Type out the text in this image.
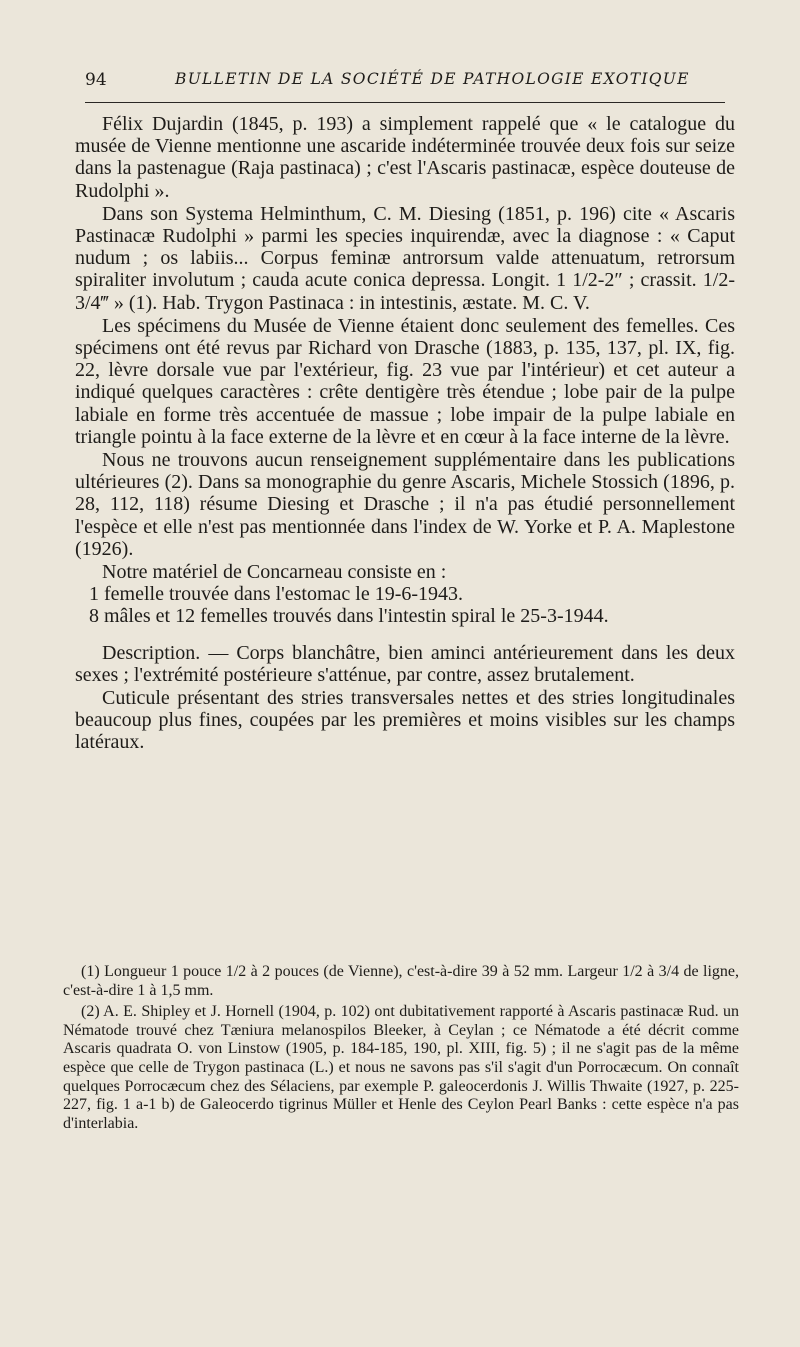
94	BULLETIN DE LA SOCIÉTÉ DE PATHOLOGIE EXOTIQUE

Félix Dujardin (1845, p. 193) a simplement rappelé que « le catalogue du musée de Vienne mentionne une ascaride indéterminée trouvée deux fois sur seize dans la pastenague (Raja pastinaca) ; c'est l'Ascaris pastinacæ, espèce douteuse de Rudolphi ».

Dans son Systema Helminthum, C. M. Diesing (1851, p. 196) cite « Ascaris Pastinacæ Rudolphi » parmi les species inquirendæ, avec la diagnose : « Caput nudum ; os labiis... Corpus feminæ antrorsum valde attenuatum, retrorsum spiraliter involutum ; cauda acute conica depressa. Longit. 1 1/2-2″ ; crassit. 1/2-3/4‴ » (1). Hab. Trygon Pastinaca : in intestinis, æstate. M. C. V.

Les spécimens du Musée de Vienne étaient donc seulement des femelles. Ces spécimens ont été revus par Richard von Drasche (1883, p. 135, 137, pl. IX, fig. 22, lèvre dorsale vue par l'extérieur, fig. 23 vue par l'intérieur) et cet auteur a indiqué quelques caractères : crête dentigère très étendue ; lobe pair de la pulpe labiale en forme très accentuée de massue ; lobe impair de la pulpe labiale en triangle pointu à la face externe de la lèvre et en cœur à la face interne de la lèvre.

Nous ne trouvons aucun renseignement supplémentaire dans les publications ultérieures (2). Dans sa monographie du genre Ascaris, Michele Stossich (1896, p. 28, 112, 118) résume Diesing et Drasche ; il n'a pas étudié personnellement l'espèce et elle n'est pas mentionnée dans l'index de W. Yorke et P. A. Maplestone (1926).

Notre matériel de Concarneau consiste en :

1 femelle trouvée dans l'estomac le 19-6-1943.

8 mâles et 12 femelles trouvés dans l'intestin spiral le 25-3-1944.

Description. — Corps blanchâtre, bien aminci antérieurement dans les deux sexes ; l'extrémité postérieure s'atténue, par contre, assez brutalement.

Cuticule présentant des stries transversales nettes et des stries longitudinales beaucoup plus fines, coupées par les premières et moins visibles sur les champs latéraux.

(1) Longueur 1 pouce 1/2 à 2 pouces (de Vienne), c'est-à-dire 39 à 52 mm. Largeur 1/2 à 3/4 de ligne, c'est-à-dire 1 à 1,5 mm.

(2) A. E. Shipley et J. Hornell (1904, p. 102) ont dubitativement rapporté à Ascaris pastinacæ Rud. un Nématode trouvé chez Tæniura melanospilos Bleeker, à Ceylan ; ce Nématode a été décrit comme Ascaris quadrata O. von Linstow (1905, p. 184-185, 190, pl. XIII, fig. 5) ; il ne s'agit pas de la même espèce que celle de Trygon pastinaca (L.) et nous ne savons pas s'il s'agit d'un Porrocæcum. On connaît quelques Porrocæcum chez des Sélaciens, par exemple P. galeocerdonis J. Willis Thwaite (1927, p. 225-227, fig. 1 a-1 b) de Galeocerdo tigrinus Müller et Henle des Ceylon Pearl Banks : cette espèce n'a pas d'interlabia.
